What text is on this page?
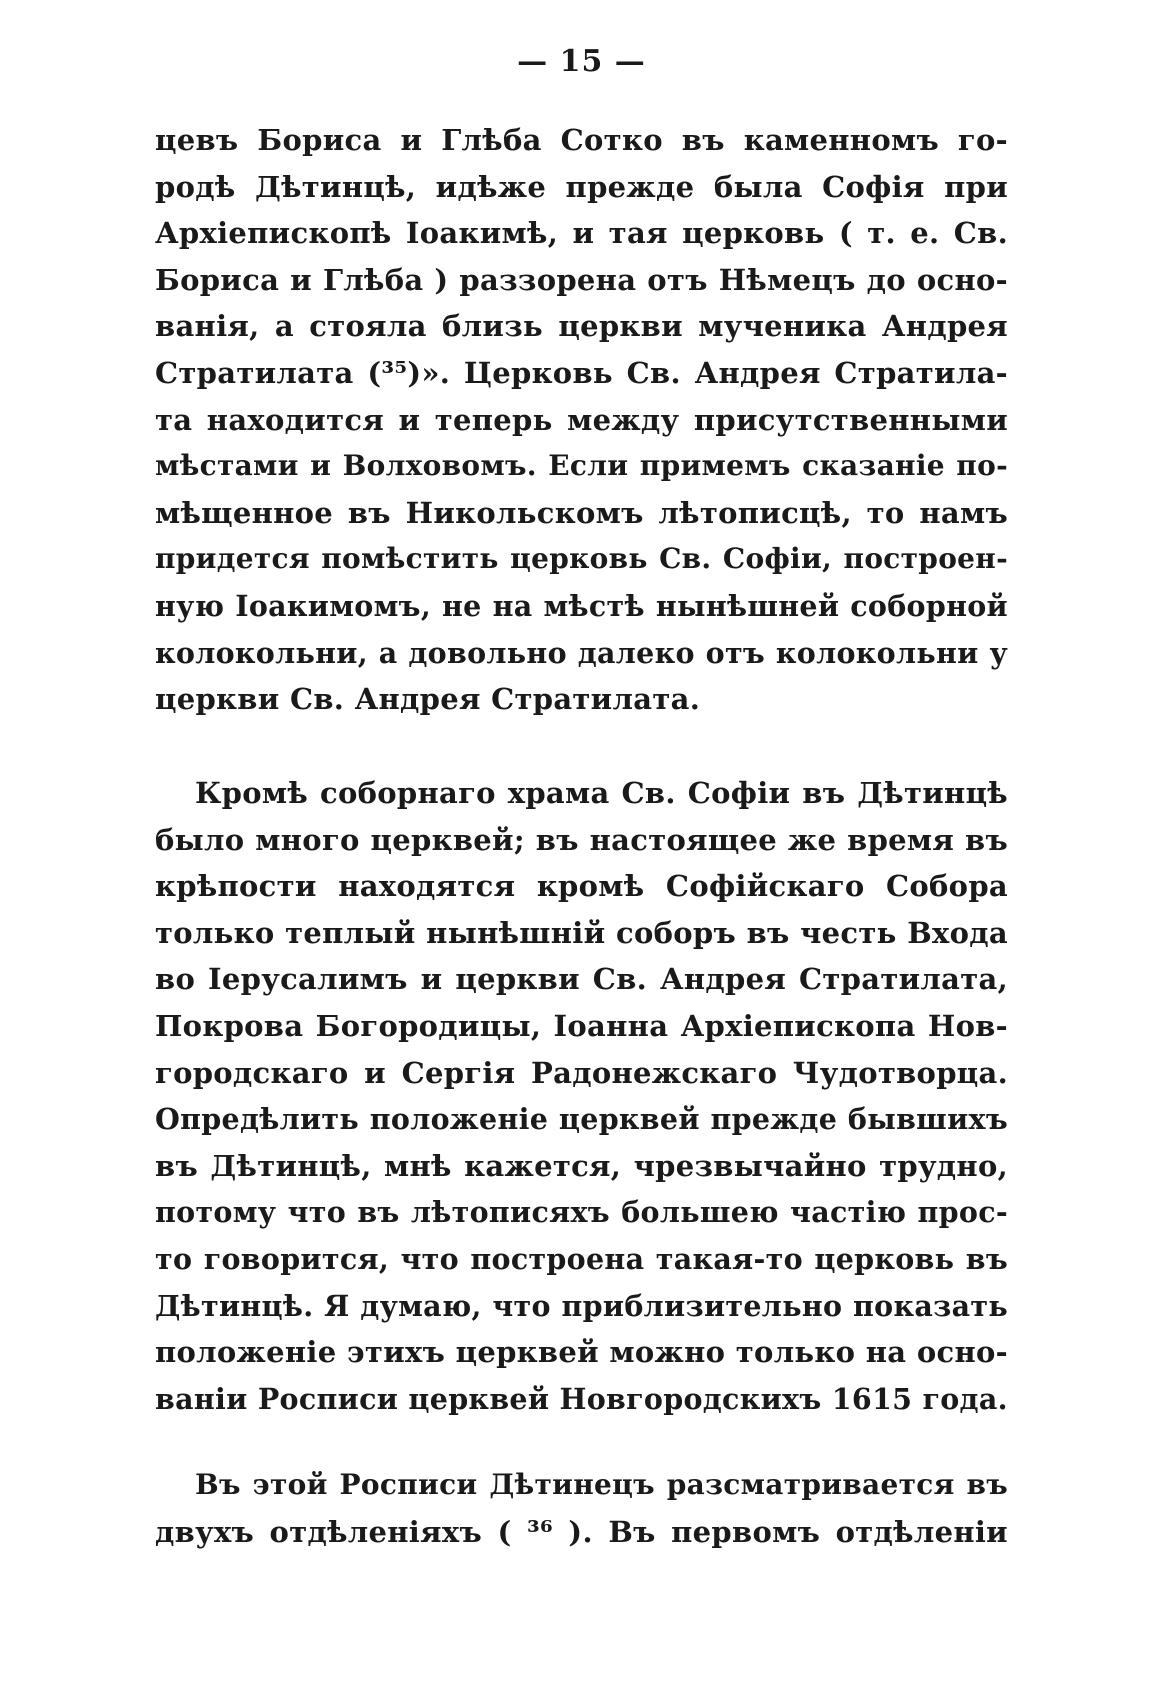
— 15 —
цевъ Бориса и Глѣба Сотко въ каменномъ го-
родѣ Дѣтинцѣ, идѣже прежде была Софія при
Архіепископѣ Іоакимѣ, и тая церковь ( т. е. Св.
Бориса и Глѣба ) раззорена отъ Нѣмецъ до осно-
ванія, а стояла близь церкви мученика Андрея
Стратилата (³⁵)». Церковь Св. Андрея Стратила-
та находится и теперь между присутственными
мѣстами и Волховомъ. Если примемъ сказаніе по-
мѣщенное въ Никольскомъ лѣтописцѣ, то намъ
придется помѣстить церковь Св. Софіи, построен-
ную Іоакимомъ, не на мѣстѣ нынѣшней соборной
колокольни, а довольно далеко отъ колокольни у
церкви Св. Андрея Стратилата.
Кромѣ соборнаго храма Св. Софіи въ Дѣтинцѣ
было много церквей; въ настоящее же время въ
крѣпости находятся кромѣ Софійскаго Собора
только теплый нынѣшній соборъ въ честь Входа
во Іерусалимъ и церкви Св. Андрея Стратилата,
Покрова Богородицы, Іоанна Архіепископа Нов-
городскаго и Сергія Радонежскаго Чудотворца.
Опредѣлить положеніе церквей прежде бывшихъ
въ Дѣтинцѣ, мнѣ кажется, чрезвычайно трудно,
потому что въ лѣтописяхъ большею частію прос-
то говорится, что построена такая-то церковь въ
Дѣтинцѣ. Я думаю, что приблизительно показать
положеніе этихъ церквей можно только на осно-
ваніи Росписи церквей Новгородскихъ 1615 года.
Въ этой Росписи Дѣтинецъ разсматривается въ
двухъ отдѣленіяхъ ( ³⁶ ). Въ первомъ отдѣленіи
